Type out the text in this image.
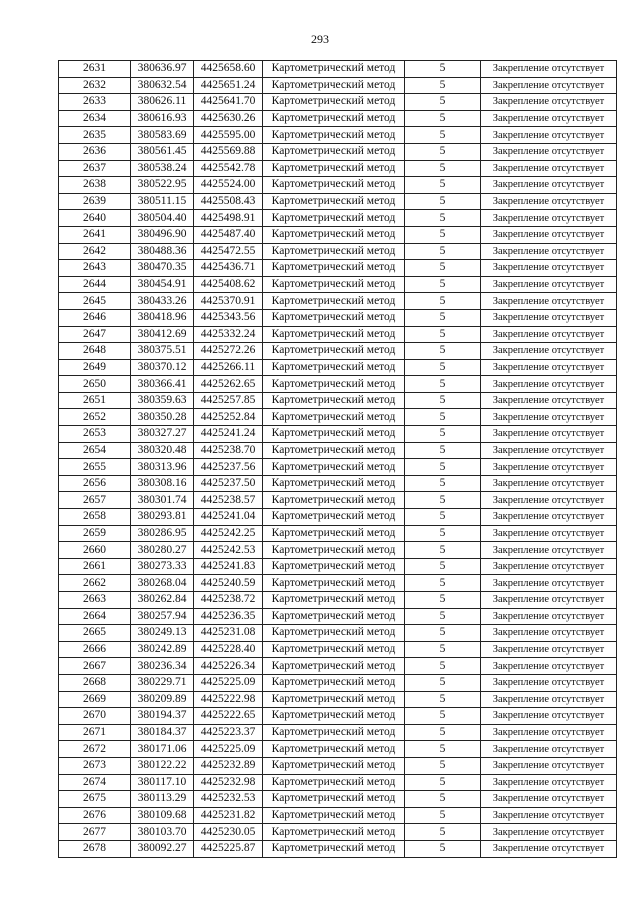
293
2631	380636.97	4425658.60	Картометрический метод	5	Закрепление отсутствует
2632	380632.54	4425651.24	Картометрический метод	5	Закрепление отсутствует
2633	380626.11	4425641.70	Картометрический метод	5	Закрепление отсутствует
2634	380616.93	4425630.26	Картометрический метод	5	Закрепление отсутствует
2635	380583.69	4425595.00	Картометрический метод	5	Закрепление отсутствует
2636	380561.45	4425569.88	Картометрический метод	5	Закрепление отсутствует
2637	380538.24	4425542.78	Картометрический метод	5	Закрепление отсутствует
2638	380522.95	4425524.00	Картометрический метод	5	Закрепление отсутствует
2639	380511.15	4425508.43	Картометрический метод	5	Закрепление отсутствует
2640	380504.40	4425498.91	Картометрический метод	5	Закрепление отсутствует
2641	380496.90	4425487.40	Картометрический метод	5	Закрепление отсутствует
2642	380488.36	4425472.55	Картометрический метод	5	Закрепление отсутствует
2643	380470.35	4425436.71	Картометрический метод	5	Закрепление отсутствует
2644	380454.91	4425408.62	Картометрический метод	5	Закрепление отсутствует
2645	380433.26	4425370.91	Картометрический метод	5	Закрепление отсутствует
2646	380418.96	4425343.56	Картометрический метод	5	Закрепление отсутствует
2647	380412.69	4425332.24	Картометрический метод	5	Закрепление отсутствует
2648	380375.51	4425272.26	Картометрический метод	5	Закрепление отсутствует
2649	380370.12	4425266.11	Картометрический метод	5	Закрепление отсутствует
2650	380366.41	4425262.65	Картометрический метод	5	Закрепление отсутствует
2651	380359.63	4425257.85	Картометрический метод	5	Закрепление отсутствует
2652	380350.28	4425252.84	Картометрический метод	5	Закрепление отсутствует
2653	380327.27	4425241.24	Картометрический метод	5	Закрепление отсутствует
2654	380320.48	4425238.70	Картометрический метод	5	Закрепление отсутствует
2655	380313.96	4425237.56	Картометрический метод	5	Закрепление отсутствует
2656	380308.16	4425237.50	Картометрический метод	5	Закрепление отсутствует
2657	380301.74	4425238.57	Картометрический метод	5	Закрепление отсутствует
2658	380293.81	4425241.04	Картометрический метод	5	Закрепление отсутствует
2659	380286.95	4425242.25	Картометрический метод	5	Закрепление отсутствует
2660	380280.27	4425242.53	Картометрический метод	5	Закрепление отсутствует
2661	380273.33	4425241.83	Картометрический метод	5	Закрепление отсутствует
2662	380268.04	4425240.59	Картометрический метод	5	Закрепление отсутствует
2663	380262.84	4425238.72	Картометрический метод	5	Закрепление отсутствует
2664	380257.94	4425236.35	Картометрический метод	5	Закрепление отсутствует
2665	380249.13	4425231.08	Картометрический метод	5	Закрепление отсутствует
2666	380242.89	4425228.40	Картометрический метод	5	Закрепление отсутствует
2667	380236.34	4425226.34	Картометрический метод	5	Закрепление отсутствует
2668	380229.71	4425225.09	Картометрический метод	5	Закрепление отсутствует
2669	380209.89	4425222.98	Картометрический метод	5	Закрепление отсутствует
2670	380194.37	4425222.65	Картометрический метод	5	Закрепление отсутствует
2671	380184.37	4425223.37	Картометрический метод	5	Закрепление отсутствует
2672	380171.06	4425225.09	Картометрический метод	5	Закрепление отсутствует
2673	380122.22	4425232.89	Картометрический метод	5	Закрепление отсутствует
2674	380117.10	4425232.98	Картометрический метод	5	Закрепление отсутствует
2675	380113.29	4425232.53	Картометрический метод	5	Закрепление отсутствует
2676	380109.68	4425231.82	Картометрический метод	5	Закрепление отсутствует
2677	380103.70	4425230.05	Картометрический метод	5	Закрепление отсутствует
2678	380092.27	4425225.87	Картометрический метод	5	Закрепление отсутствует
